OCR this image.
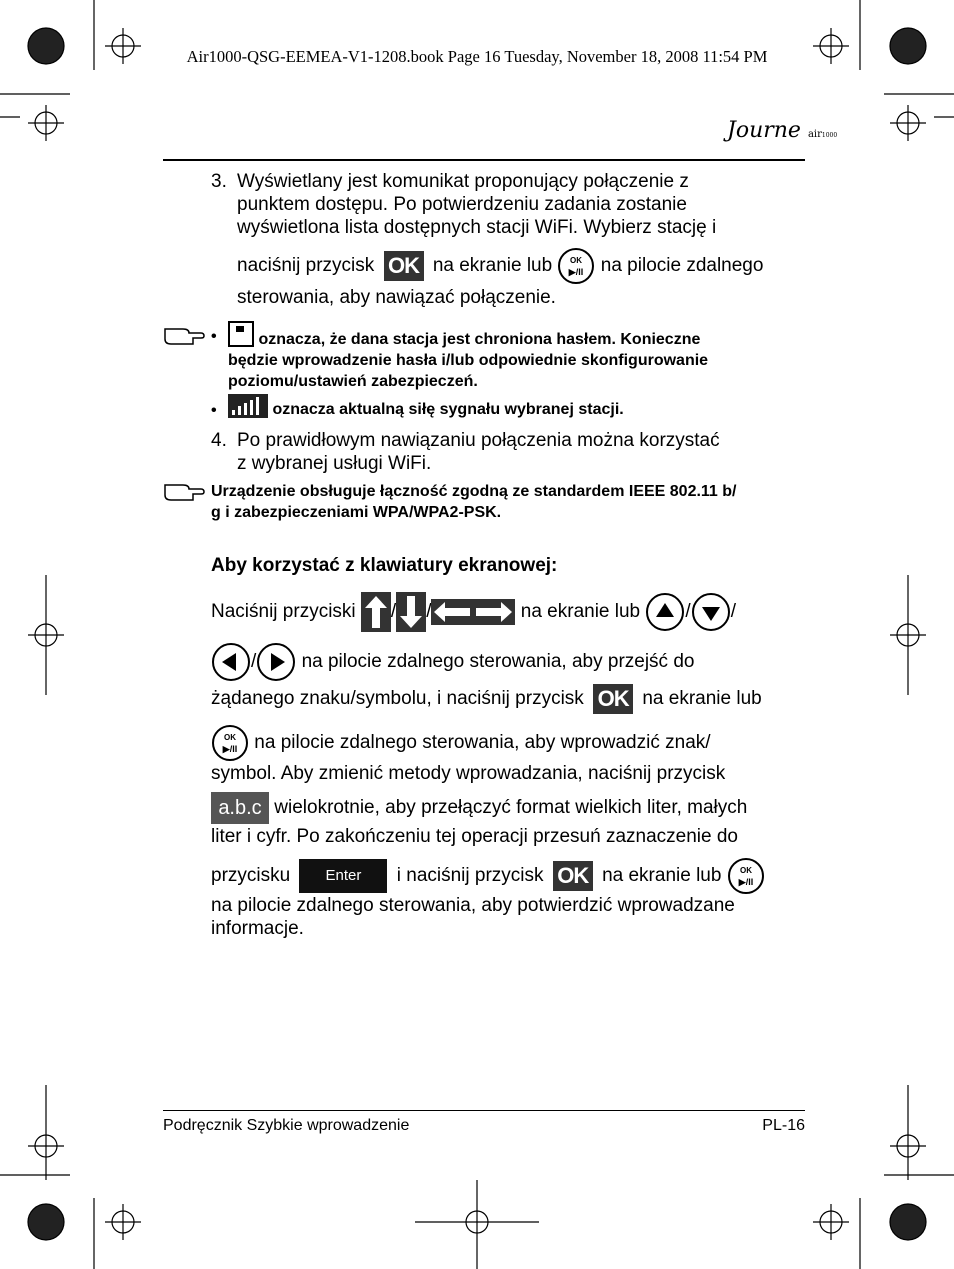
Air1000-QSG-EEMEA-V1-1208.book Page 16 Tuesday, November 18, 2008 11:54 PM
Journe air1000
3. Wyświetlany jest komunikat proponujący połączenie z
punktem dostępu. Po potwierdzeniu zadania zostanie
wyświetlona lista dostępnych stacji WiFi. Wybierz stację i
naciśnij przycisk OK na ekranie lub OK
▶/II na pilocie zdalnego
sterowania, aby nawiązać połączenie.
•	oznacza, że dana stacja jest chroniona hasłem. Konieczne
będzie wprowadzenie hasła i/lub odpowiednie skonfigurowanie
poziomu/ustawień zabezpieczeń.
•	oznacza aktualną siłę sygnału wybranej stacji.
4. Po prawidłowym nawiązaniu połączenia można korzystać
z wybranej usługi WiFi.
Urządzenie obsługuje łączność zgodną ze standardem IEEE 802.11 b/
g i zabezpieczeniami WPA/WPA2-PSK.
Aby korzystać z klawiatury ekranowej:
Naciśnij przyciski / /	na ekranie lub / /
/ na pilocie zdalnego sterowania, aby przejść do
żądanego znaku/symbolu, i naciśnij przycisk OK na ekranie lub
OK
▶/II na pilocie zdalnego sterowania, aby wprowadzić znak/
symbol. Aby zmienić metody wprowadzania, naciśnij przycisk
a.b.c wielokrotnie, aby przełączyć format wielkich liter, małych
liter i cyfr. Po zakończeniu tej operacji przesuń zaznaczenie do
przycisku Enter i naciśnij przycisk OK na ekranie lub OK
▶/II
na pilocie zdalnego sterowania, aby potwierdzić wprowadzane
informacje.
Podręcznik Szybkie wprowadzenie	PL-16
